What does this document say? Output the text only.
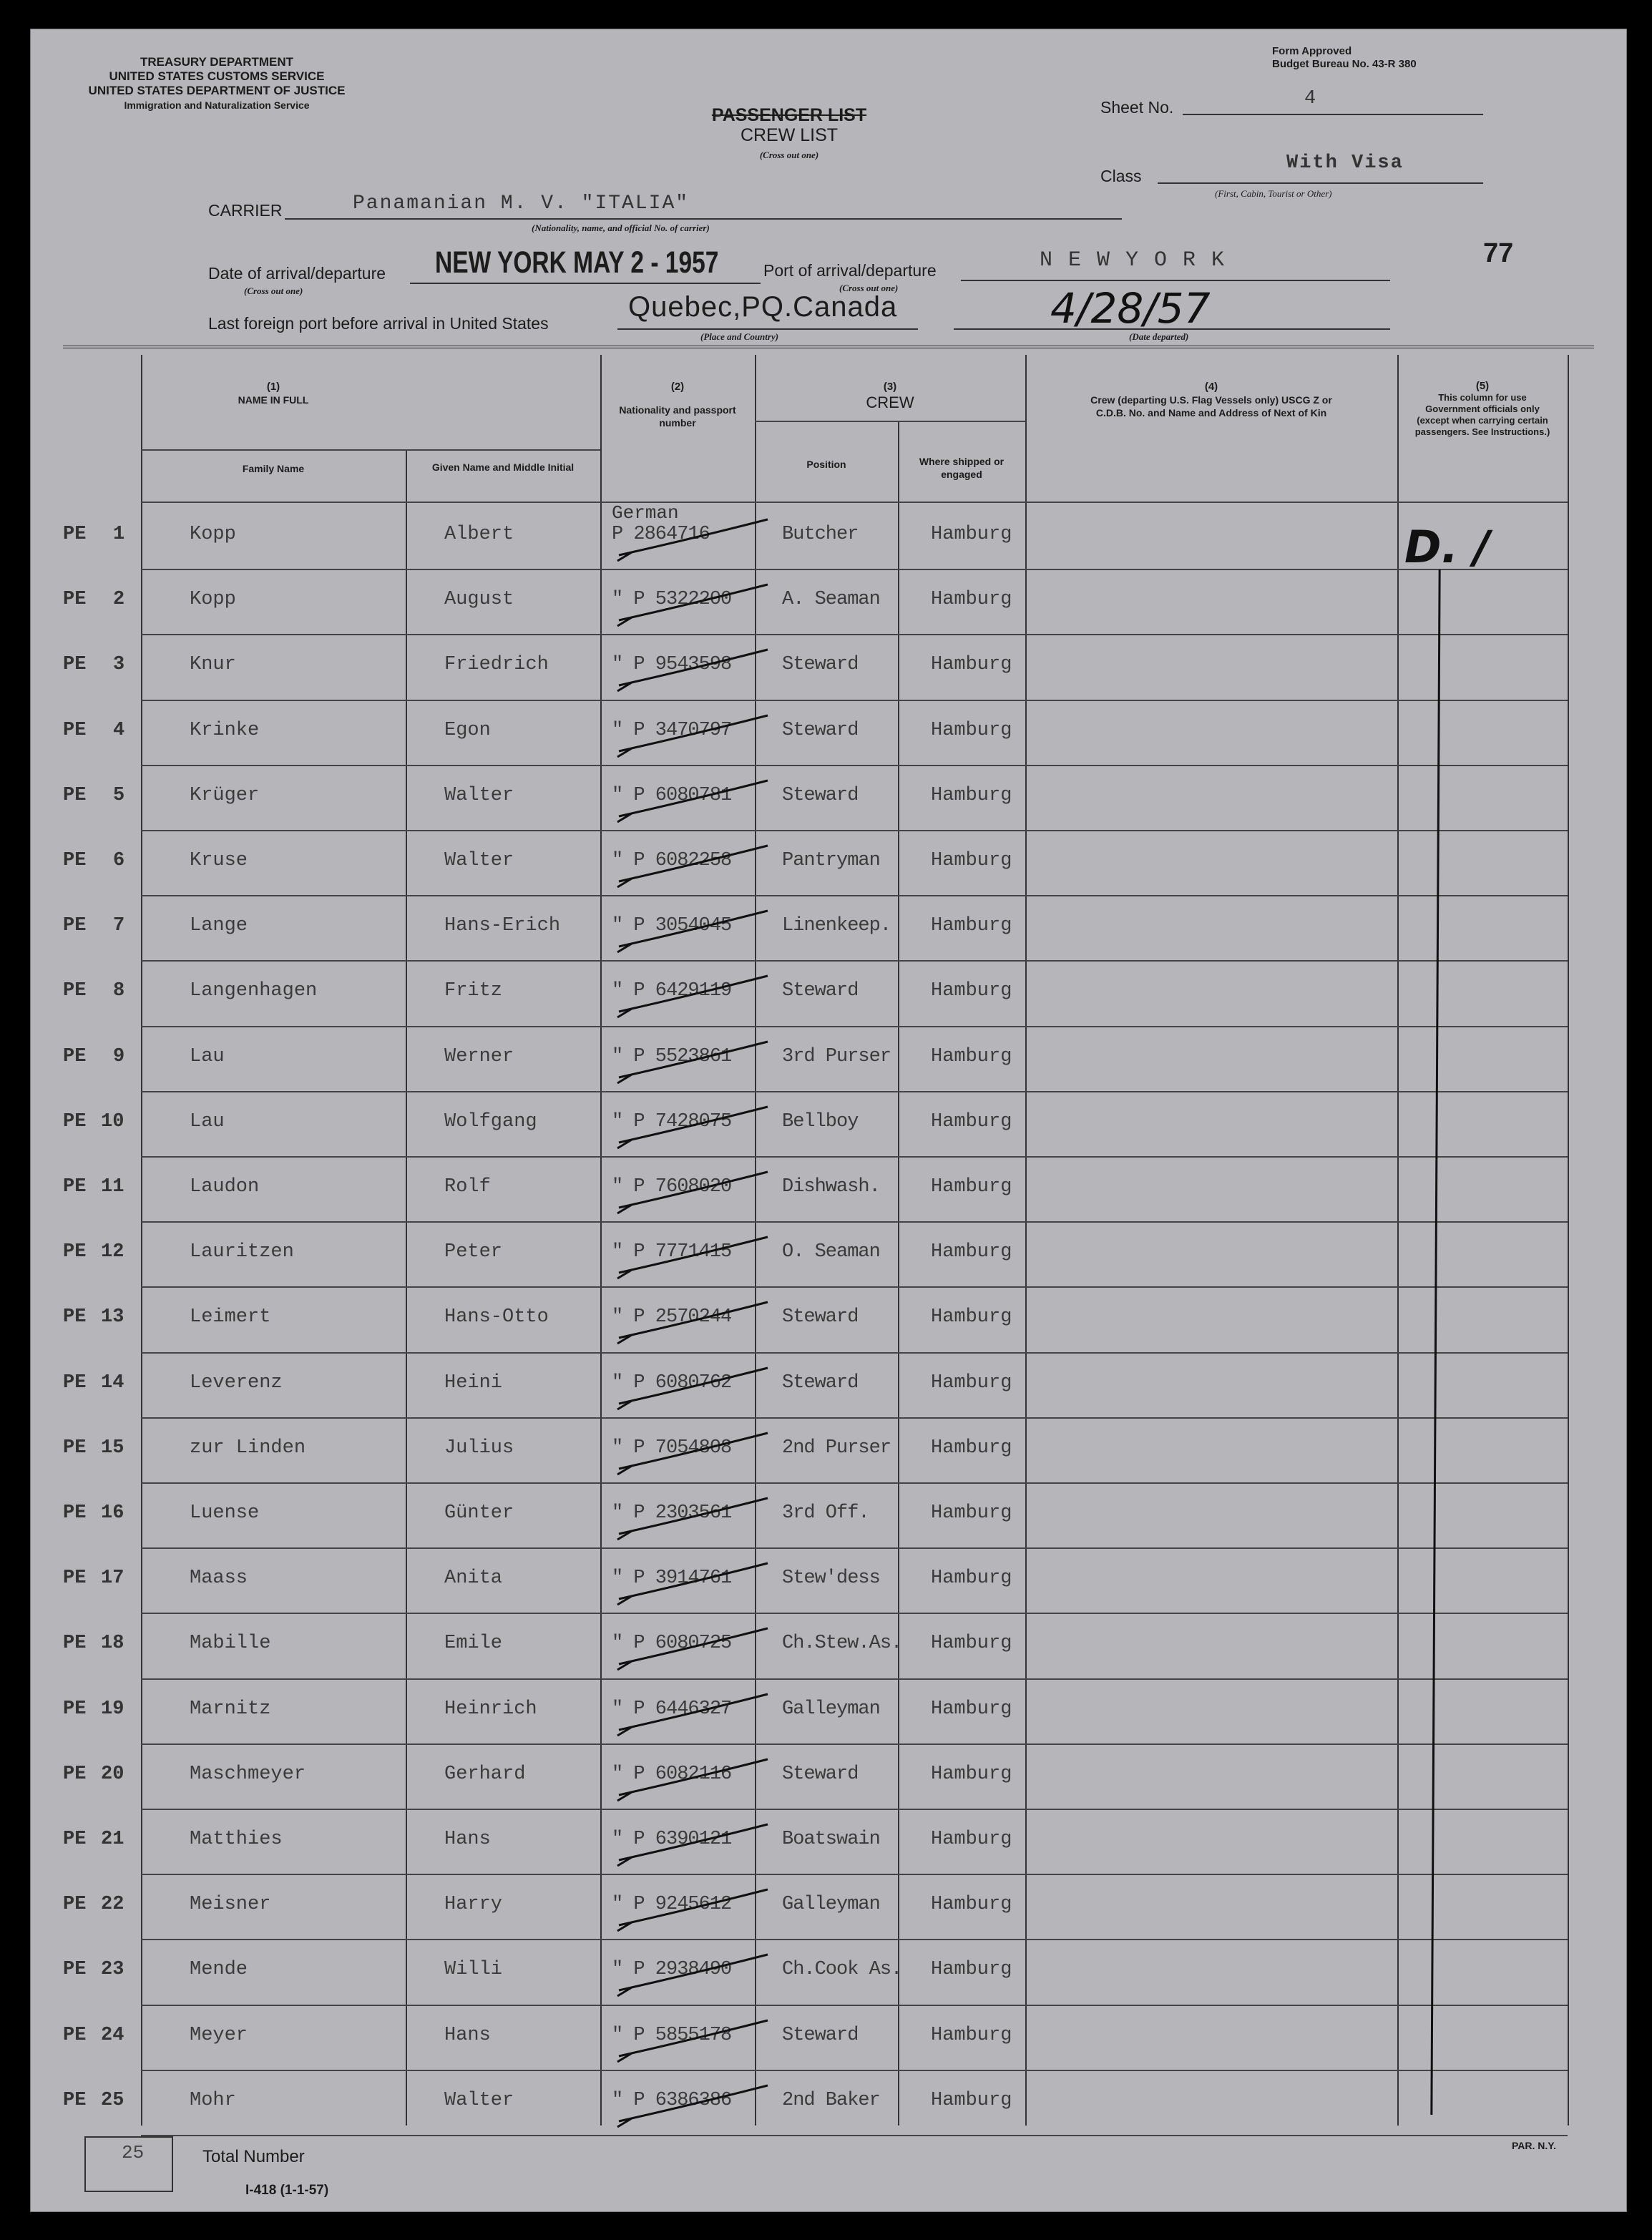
TREASURY DEPARTMENT
UNITED STATES CUSTOMS SERVICE
UNITED STATES DEPARTMENT OF JUSTICE
Immigration and Naturalization Service
Form Approved
Budget Bureau No. 43-R 380
PASSENGER LIST
CREW LIST
(Cross out one)
Sheet No.	4
Class
With Visa
(First, Cabin, Tourist or Other)
77
CARRIER	Panamanian M. V. "ITALIA"
(Nationality, name, and official No. of carrier)
Date of arrival/departure
(Cross out one)
NEW YORK MAY 2 - 1957	Port of arrival/departure
(Cross out one)
N E W Y O R K
Last foreign port before arrival in United States
Quebec,PQ.Canada
(Place and Country)
4/28/57
(Date departed)
(1)
NAME IN FULL
Family Name	Given Name and Middle Initial
(2)
Nationality and passport number
(3)
CREW
Position	Where shipped or engaged
(4)
Crew (departing U.S. Flag Vessels only) USCG Z or C.D.B. No. and Name and Address of Next of Kin
(5)
This column for use Government officials only (except when carrying certain passengers. See Instructions.)
German
PE 1	Kopp	Albert	P 2864716	Butcher	Hamburg
PE 2	Kopp	August	" P 5322200	A. Seaman	Hamburg
PE 3	Knur	Friedrich	" P 9543598	Steward	Hamburg
PE 4	Krinke	Egon	" P 3470797	Steward	Hamburg
PE 5	Krüger	Walter	" P 6080781	Steward	Hamburg
PE 6	Kruse	Walter	" P 6082258	Pantryman	Hamburg
PE 7	Lange	Hans-Erich	" P 3054045	Linenkeep. Hamburg
PE 8	Langenhagen	Fritz	" P 6429119	Steward	Hamburg
PE 9	Lau	Werner	" P 5523861	3rd Purser Hamburg
PE 10	Lau	Wolfgang	" P 7428075	Bellboy	Hamburg
PE 11	Laudon	Rolf	" P 7608020	Dishwash.	Hamburg
PE 12	Lauritzen	Peter	" P 7771415	O. Seaman	Hamburg
PE 13	Leimert	Hans-Otto	" P 2570244	Steward	Hamburg
PE 14	Leverenz	Heini	" P 6080762	Steward	Hamburg
PE 15	zur Linden	Julius	" P 7054808	2nd Purser Hamburg
PE 16	Luense	Günter	" P 2303561	3rd Off.	Hamburg
PE 17	Maass	Anita	" P 3914761	Stew'dess	Hamburg
PE 18	Mabille	Emile	" P 6080725	Ch.Stew.As. Hamburg
PE 19	Marnitz	Heinrich	" P 6446327	Galleyman	Hamburg
PE 20	Maschmeyer	Gerhard	" P 6082116	Steward	Hamburg
PE 21	Matthies	Hans	" P 6390121	Boatswain	Hamburg
PE 22	Meisner	Harry	" P 9245612	Galleyman	Hamburg
PE 23	Mende	Willi	" P 2938490	Ch.Cook As. Hamburg
PE 24	Meyer	Hans	" P 5855178	Steward	Hamburg
PE 25	Mohr	Walter	" P 6386386	2nd Baker	Hamburg
D. /
25	Total Number
I-418 (1-1-57)
PAR. N.Y.
